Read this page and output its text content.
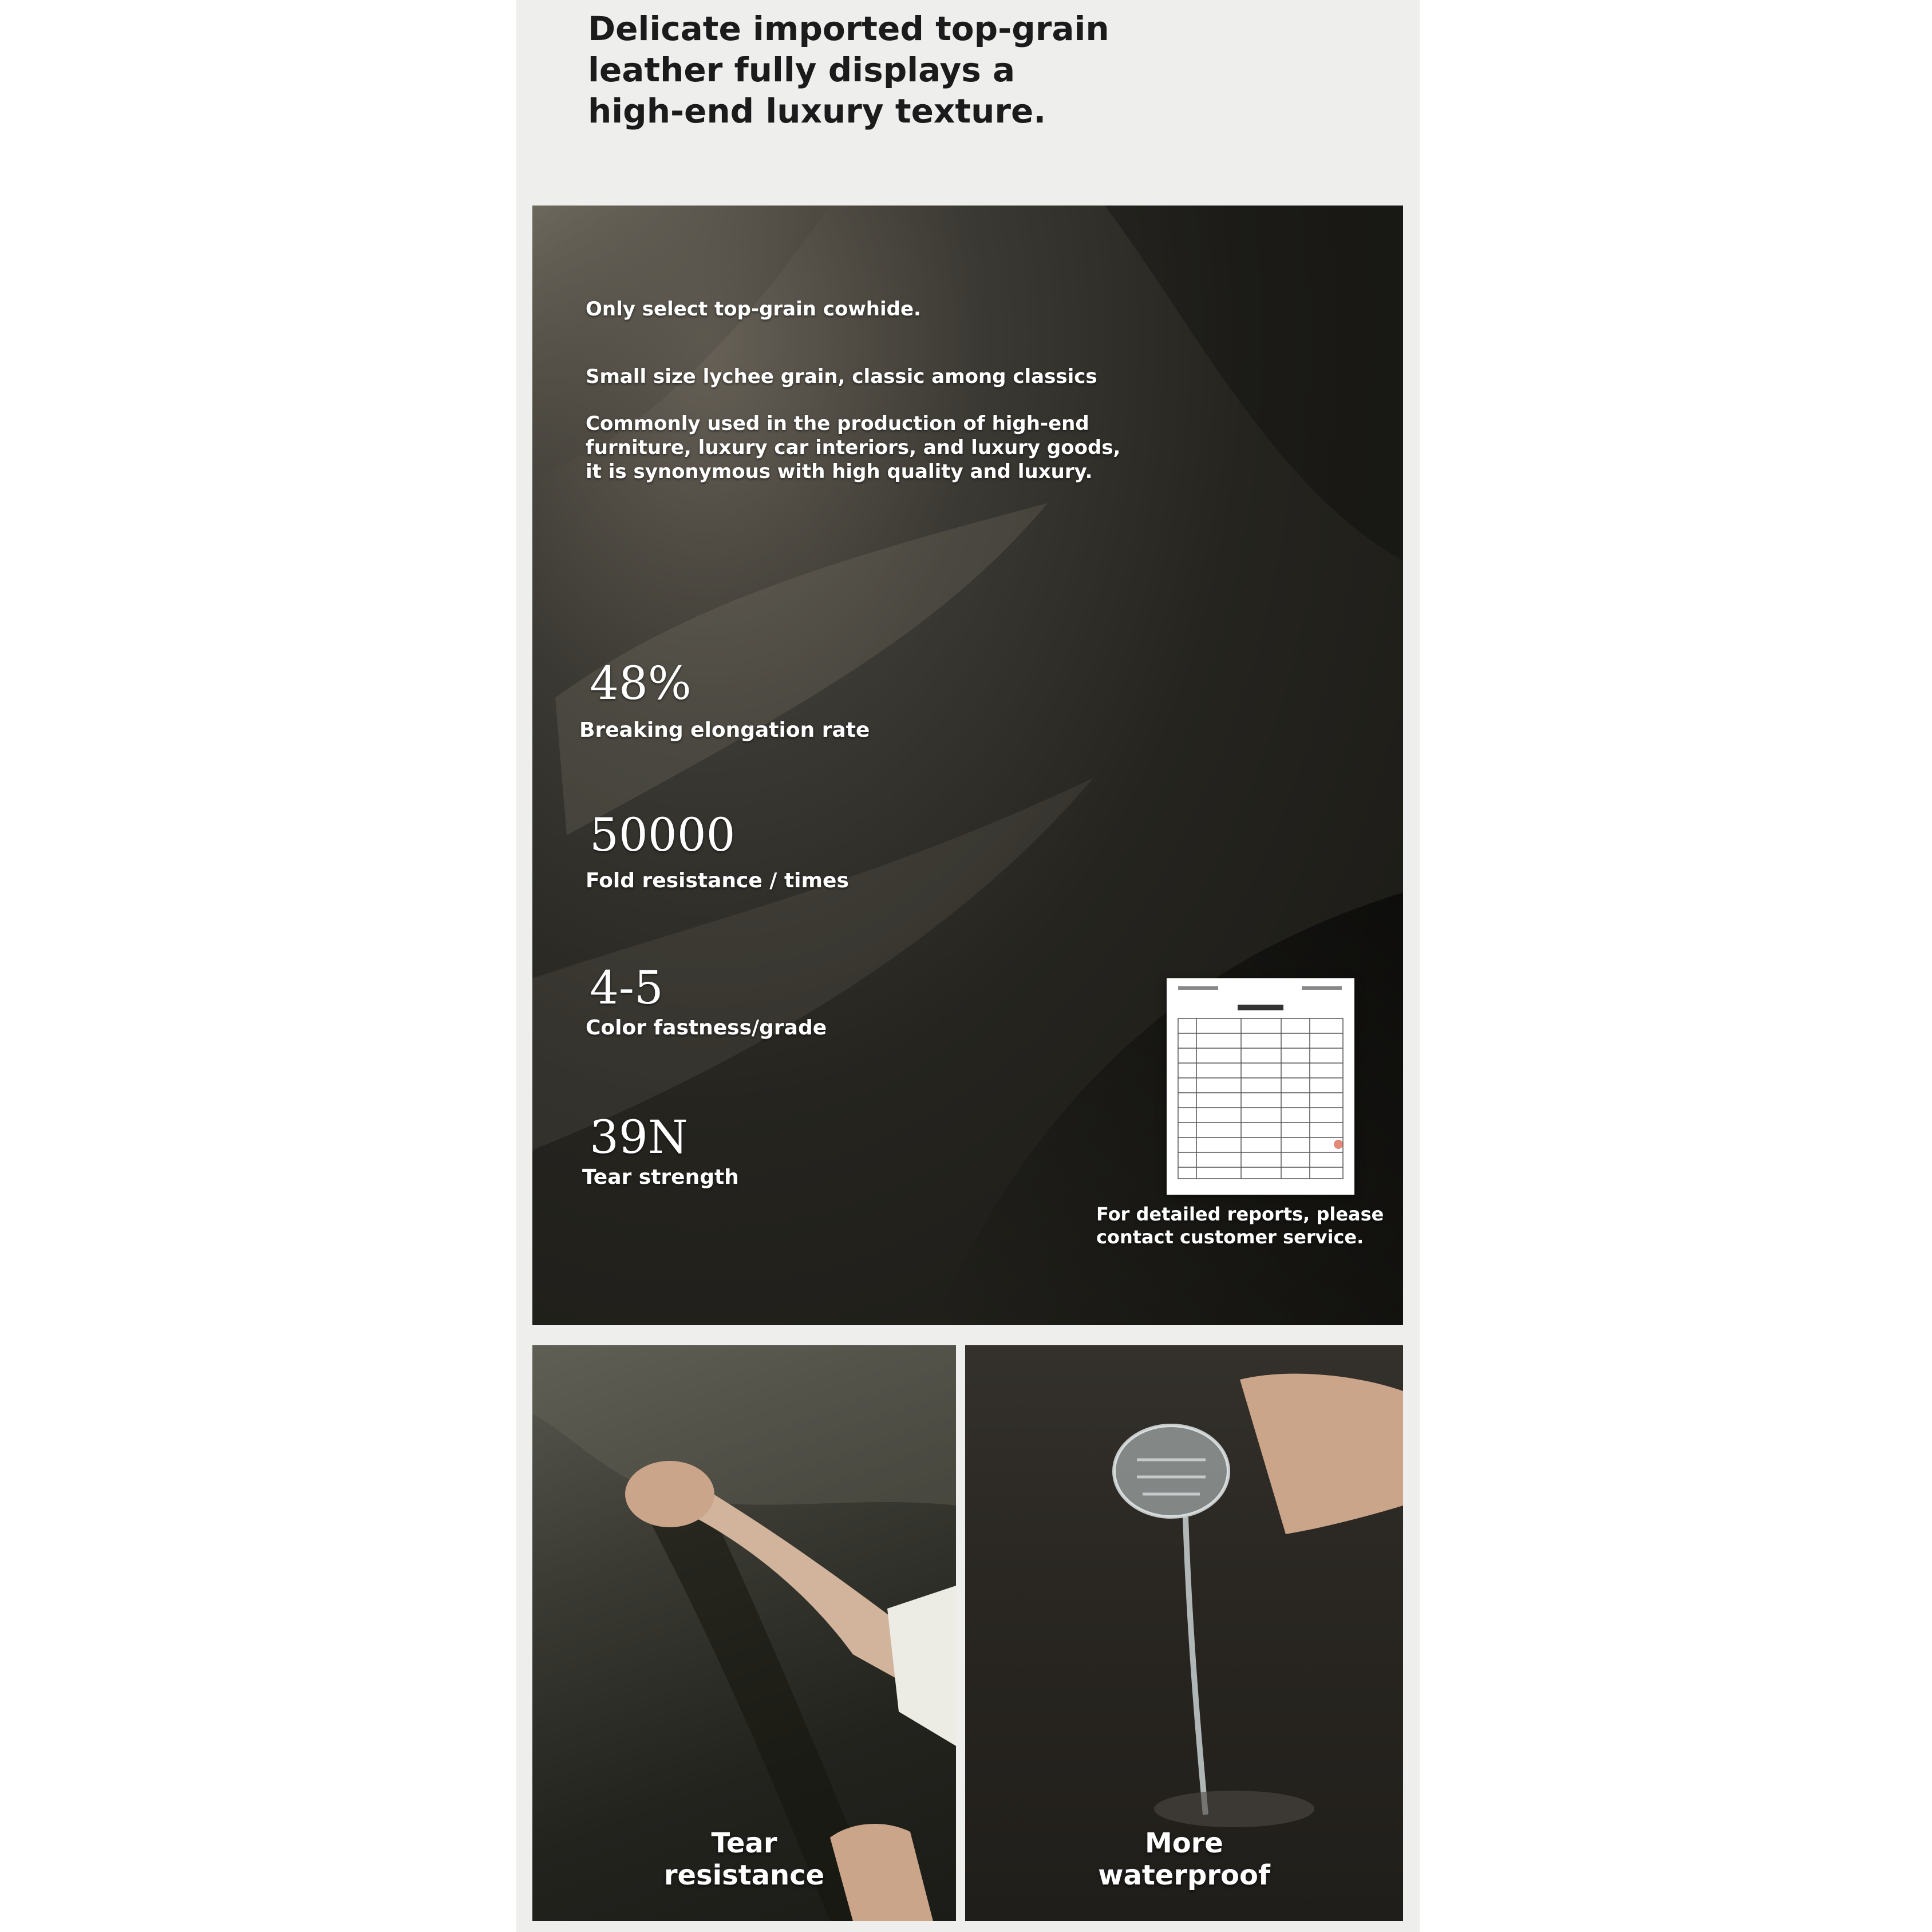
Delicate imported top-grain
leather fully displays a
high-end luxury texture.
Only select top-grain cowhide.
Small size lychee grain, classic among classics
Commonly used in the production of high-end
furniture, luxury car interiors, and luxury goods,
it is synonymous with high quality and luxury.
48%
Breaking elongation rate
50000
Fold resistance / times
4-5
Color fastness/grade
39N
Tear strength
For detailed reports, please
contact customer service.
Tear
resistance
More
waterproof
